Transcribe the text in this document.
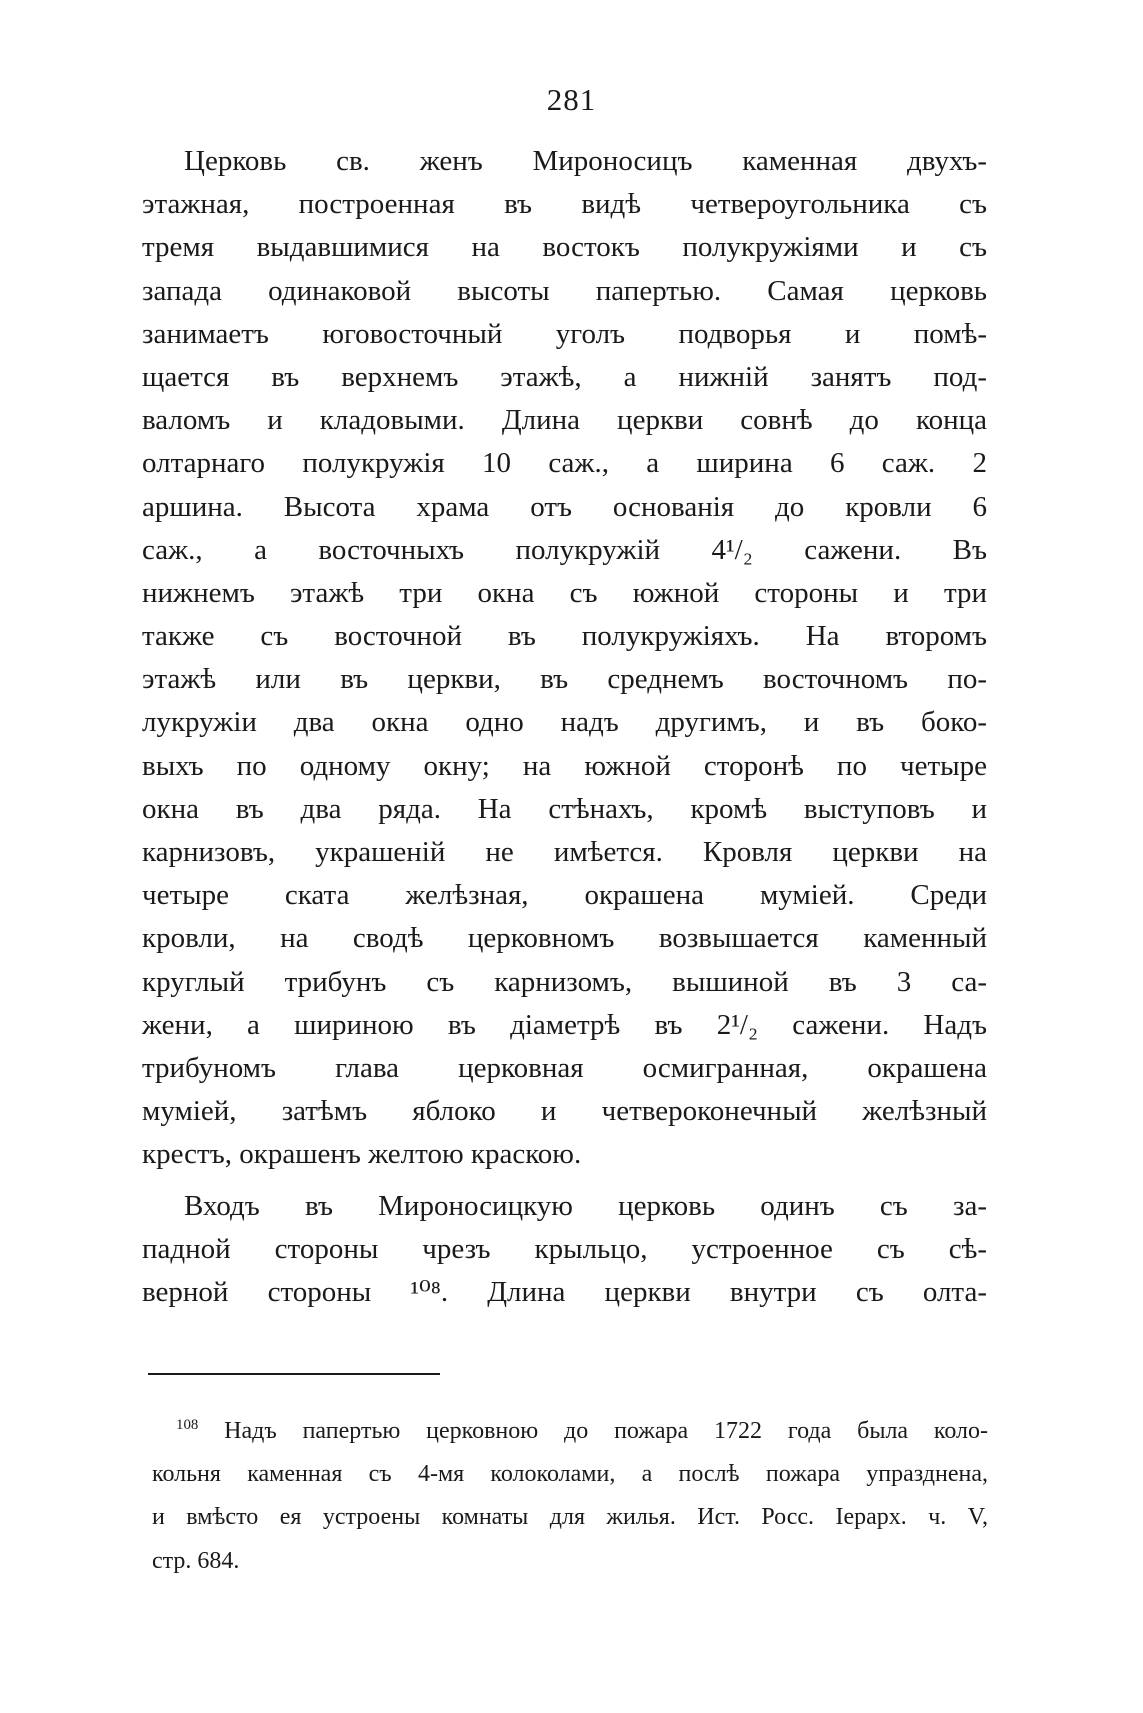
281
Церковь св. женъ Мироносицъ каменная двухъ-
этажная, построенная въ видѣ четвероугольника съ
тремя выдавшимися на востокъ полукружіями и съ
запада одинаковой высоты папертью. Самая церковь
занимаетъ юговосточный уголъ подворья и помѣ-
щается въ верхнемъ этажѣ, а нижній занятъ под-
валомъ и кладовыми. Длина церкви совнѣ до конца
олтарнаго полукружія 10 саж., а ширина 6 саж. 2
аршина. Высота храма отъ основанія до кровли 6
саж., а восточныхъ полукружій 4¹/₂ сажени. Въ
нижнемъ этажѣ три окна съ южной стороны и три
также съ восточной въ полукружіяхъ. На второмъ
этажѣ или въ церкви, въ среднемъ восточномъ по-
лукружіи два окна одно надъ другимъ, и въ боко-
выхъ по одному окну; на южной сторонѣ по четыре
окна въ два ряда. На стѣнахъ, кромѣ выступовъ и
карнизовъ, украшеній не имѣется. Кровля церкви на
четыре ската желѣзная, окрашена муміей. Среди
кровли, на сводѣ церковномъ возвышается каменный
круглый трибунъ съ карнизомъ, вышиной въ 3 са-
жени, а шириною въ діаметрѣ въ 2¹/₂ сажени. Надъ
трибуномъ глава церковная осмигранная, окрашена
муміей, затѣмъ яблоко и четвероконечный желѣзный
крестъ, окрашенъ желтою краскою.
Входъ въ Мироносицкую церковь одинъ съ за-
падной стороны чрезъ крыльцо, устроенное съ сѣ-
верной стороны ¹⁰⁸. Длина церкви внутри съ олта-
$^{108}$ Надъ папертью церковною до пожара 1722 года была коло-
кольня каменная съ 4-мя колоколами, а послѣ пожара упразднена,
и вмѣсто ея устроены комнаты для жилья. Ист. Росс. Іерарх. ч. V,
стр. 684.
